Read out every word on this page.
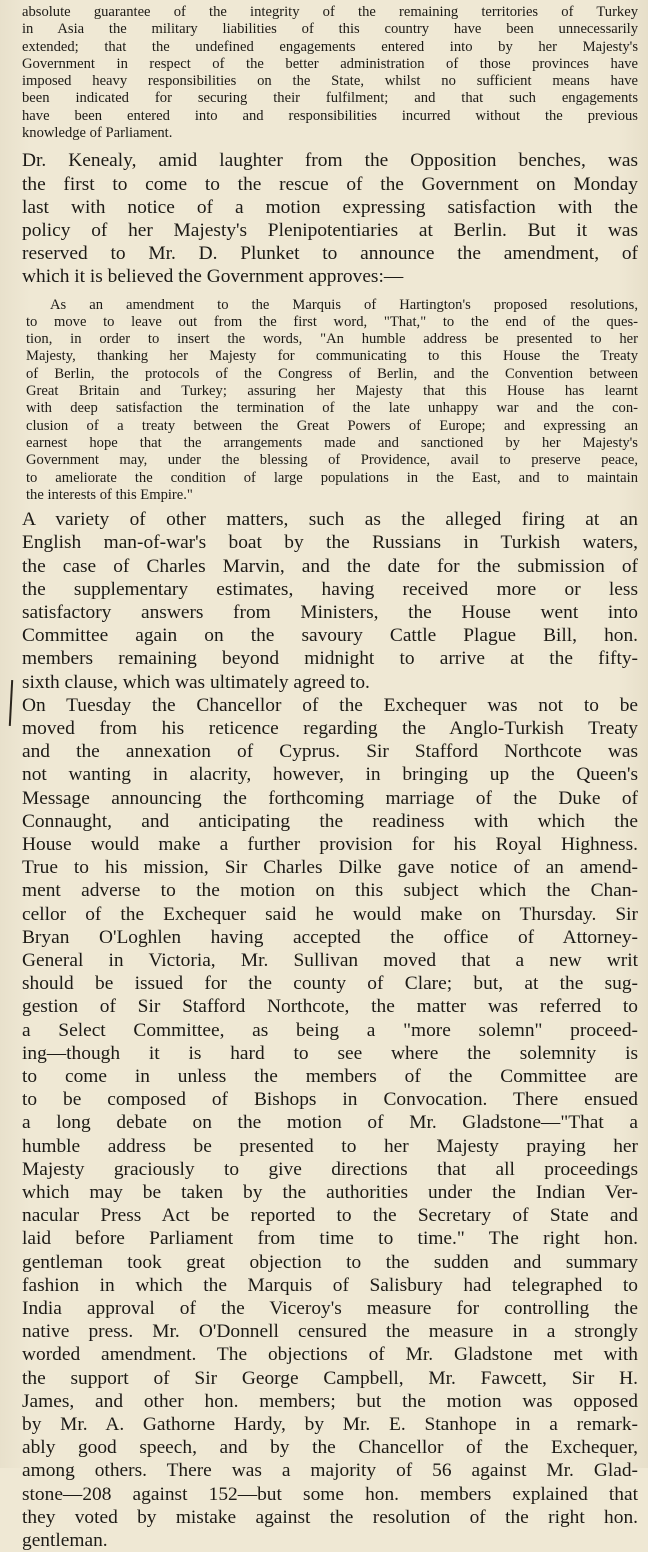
absolute guarantee of the integrity of the remaining territories of Turkey
in Asia the military liabilities of this country have been unnecessarily
extended; that the undefined engagements entered into by her Majesty's
Government in respect of the better administration of those provinces have
imposed heavy responsibilities on the State, whilst no sufficient means have
been indicated for securing their fulfilment; and that such engagements
have been entered into and responsibilities incurred without the previous
knowledge of Parliament.
Dr. Kenealy, amid laughter from the Opposition benches, was
the first to come to the rescue of the Government on Monday
last with notice of a motion expressing satisfaction with the
policy of her Majesty's Plenipotentiaries at Berlin. But it was
reserved to Mr. D. Plunket to announce the amendment, of
which it is believed the Government approves:—
As an amendment to the Marquis of Hartington's proposed resolutions,
to move to leave out from the first word, "That," to the end of the ques-
tion, in order to insert the words, "An humble address be presented to her
Majesty, thanking her Majesty for communicating to this House the Treaty
of Berlin, the protocols of the Congress of Berlin, and the Convention between
Great Britain and Turkey; assuring her Majesty that this House has learnt
with deep satisfaction the termination of the late unhappy war and the con-
clusion of a treaty between the Great Powers of Europe; and expressing an
earnest hope that the arrangements made and sanctioned by her Majesty's
Government may, under the blessing of Providence, avail to preserve peace,
to ameliorate the condition of large populations in the East, and to maintain
the interests of this Empire."
A variety of other matters, such as the alleged firing at an
English man-of-war's boat by the Russians in Turkish waters,
the case of Charles Marvin, and the date for the submission of
the supplementary estimates, having received more or less
satisfactory answers from Ministers, the House went into
Committee again on the savoury Cattle Plague Bill, hon.
members remaining beyond midnight to arrive at the fifty-
sixth clause, which was ultimately agreed to.
On Tuesday the Chancellor of the Exchequer was not to be
moved from his reticence regarding the Anglo-Turkish Treaty
and the annexation of Cyprus. Sir Stafford Northcote was
not wanting in alacrity, however, in bringing up the Queen's
Message announcing the forthcoming marriage of the Duke of
Connaught, and anticipating the readiness with which the
House would make a further provision for his Royal Highness.
True to his mission, Sir Charles Dilke gave notice of an amend-
ment adverse to the motion on this subject which the Chan-
cellor of the Exchequer said he would make on Thursday. Sir
Bryan O'Loghlen having accepted the office of Attorney-
General in Victoria, Mr. Sullivan moved that a new writ
should be issued for the county of Clare; but, at the sug-
gestion of Sir Stafford Northcote, the matter was referred to
a Select Committee, as being a "more solemn" proceed-
ing—though it is hard to see where the solemnity is
to come in unless the members of the Committee are
to be composed of Bishops in Convocation. There ensued
a long debate on the motion of Mr. Gladstone—"That a
humble address be presented to her Majesty praying her
Majesty graciously to give directions that all proceedings
which may be taken by the authorities under the Indian Ver-
nacular Press Act be reported to the Secretary of State and
laid before Parliament from time to time." The right hon.
gentleman took great objection to the sudden and summary
fashion in which the Marquis of Salisbury had telegraphed to
India approval of the Viceroy's measure for controlling the
native press. Mr. O'Donnell censured the measure in a strongly
worded amendment. The objections of Mr. Gladstone met with
the support of Sir George Campbell, Mr. Fawcett, Sir H.
James, and other hon. members; but the motion was opposed
by Mr. A. Gathorne Hardy, by Mr. E. Stanhope in a remark-
ably good speech, and by the Chancellor of the Exchequer,
among others. There was a majority of 56 against Mr. Glad-
stone—208 against 152—but some hon. members explained that
they voted by mistake against the resolution of the right hon.
gentleman.
